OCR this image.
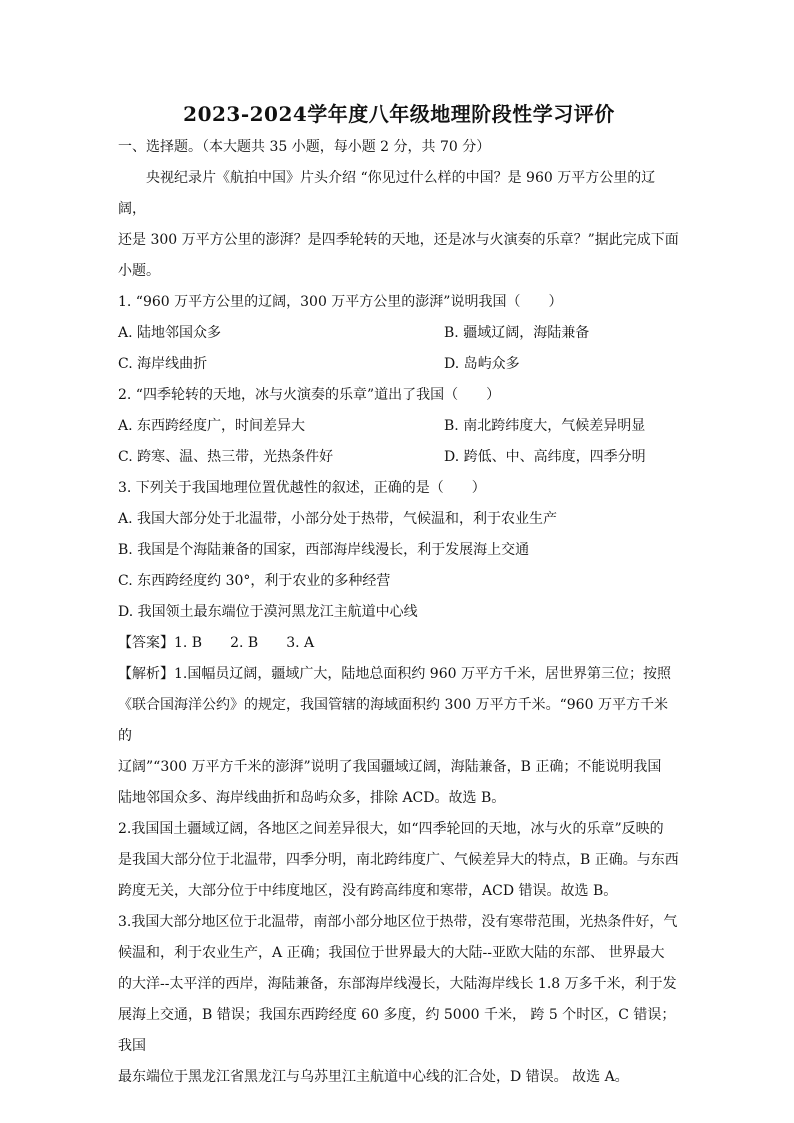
2023-2024学年度八年级地理阶段性学习评价
一、选择题。（本大题共 35 小题，每小题 2 分，共 70 分）
央视纪录片《航拍中国》片头介绍 “你见过什么样的中国？是 960 万平方公里的辽阔，
还是 300 万平方公里的澎湃？是四季轮转的天地，还是冰与火演奏的乐章？”据此完成下面
小题。
1. “960 万平方公里的辽阔，300 万平方公里的澎湃”说明我国（　　）
A. 陆地邻国众多	B. 疆域辽阔，海陆兼备
C. 海岸线曲折	D. 岛屿众多
2. “四季轮转的天地，冰与火演奏的乐章”道出了我国（　　）
A. 东西跨经度广，时间差异大	B. 南北跨纬度大，气候差异明显
C. 跨寒、温、热三带，光热条件好	D. 跨低、中、高纬度，四季分明
3. 下列关于我国地理位置优越性的叙述，正确的是（　　）
A. 我国大部分处于北温带，小部分处于热带，气候温和，利于农业生产
B. 我国是个海陆兼备的国家，西部海岸线漫长，利于发展海上交通
C. 东西跨经度约 30°，利于农业的多种经营
D. 我国领土最东端位于漠河黑龙江主航道中心线
【答案】1. B　　2. B　　3. A
【解析】1.国幅员辽阔，疆域广大，陆地总面积约 960 万平方千米，居世界第三位；按照
《联合国海洋公约》的规定，我国管辖的海域面积约 300 万平方千米。“960 万平方千米的
辽阔”“300 万平方千米的澎湃”说明了我国疆域辽阔，海陆兼备，B 正确；不能说明我国
陆地邻国众多、海岸线曲折和岛屿众多，排除 ACD。故选 B。
2.我国国土疆域辽阔，各地区之间差异很大，如“四季轮回的天地，冰与火的乐章”反映的
是我国大部分位于北温带，四季分明，南北跨纬度广、气候差异大的特点，B 正确。与东西
跨度无关，大部分位于中纬度地区，没有跨高纬度和寒带，ACD 错误。故选 B。
3.我国大部分地区位于北温带，南部小部分地区位于热带，没有寒带范围，光热条件好，气
候温和，利于农业生产，A 正确；我国位于世界最大的大陆--亚欧大陆的东部、 世界最大
的大洋--太平洋的西岸，海陆兼备，东部海岸线漫长，大陆海岸线长 1.8 万多千米，利于发
展海上交通，B 错误；我国东西跨经度 60 多度，约 5000 千米， 跨 5 个时区，C 错误；我国
最东端位于黑龙江省黑龙江与乌苏里江主航道中心线的汇合处，D 错误。 故选 A。
